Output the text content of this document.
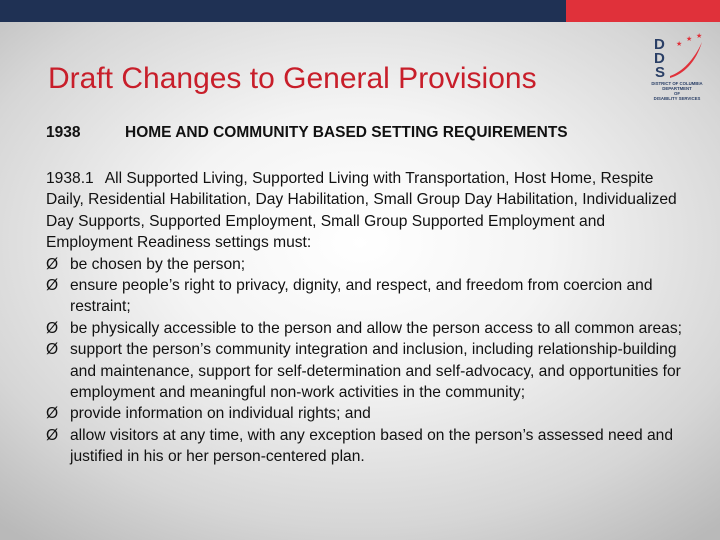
D
D
S
★
★ ★
DISTRICT OF COLUMBIA
DEPARTMENT
OF
DISABILITY SERVICES
Draft Changes to General Provisions
1938	HOME AND COMMUNITY BASED SETTING REQUIREMENTS

1938.1 All Supported Living, Supported Living with Transportation, Host Home, Respite Daily, Residential Habilitation, Day Habilitation, Small Group Day Habilitation, Individualized Day Supports, Supported Employment, Small Group Supported Employment and Employment Readiness settings must:

Ø be chosen by the person;
Ø ensure people’s right to privacy, dignity, and respect, and freedom from coercion and restraint;
Ø be physically accessible to the person and allow the person access to all common areas;
Ø support the person’s community integration and inclusion, including relationship-building and maintenance, support for self-determination and self-advocacy, and opportunities for employment and meaningful non-work activities in the community;
Ø provide information on individual rights; and
Ø allow visitors at any time, with any exception based on the person’s assessed need and justified in his or her person-centered plan.
